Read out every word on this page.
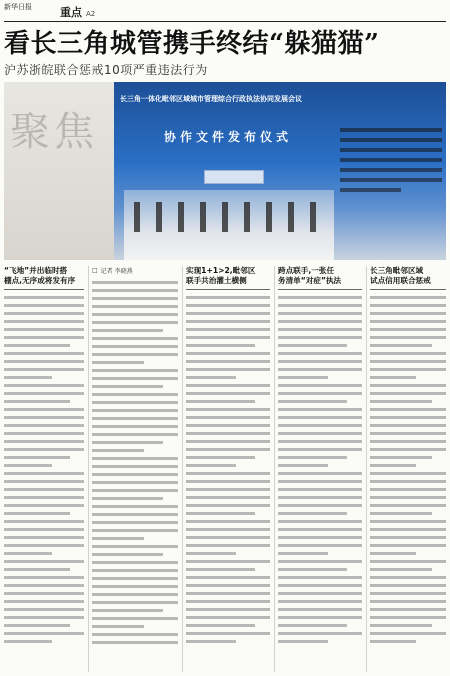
新华日报	重点 A2
看长三角城管携手终结“躲猫猫”
沪苏浙皖联合惩戒10项严重违法行为
聚焦
长三角一体化毗邻区域城市管理综合行政执法协同发展会议
协作文件发布仪式
“飞地”并出临时搭
棚点,无序或将发有序
□ 记者 李晓燕	实现1+1>2,毗邻区
联手共治灌土横侧
跨点联手,一张任
务清单“对症”执法
长三角毗邻区域
试点信用联合惩戒
